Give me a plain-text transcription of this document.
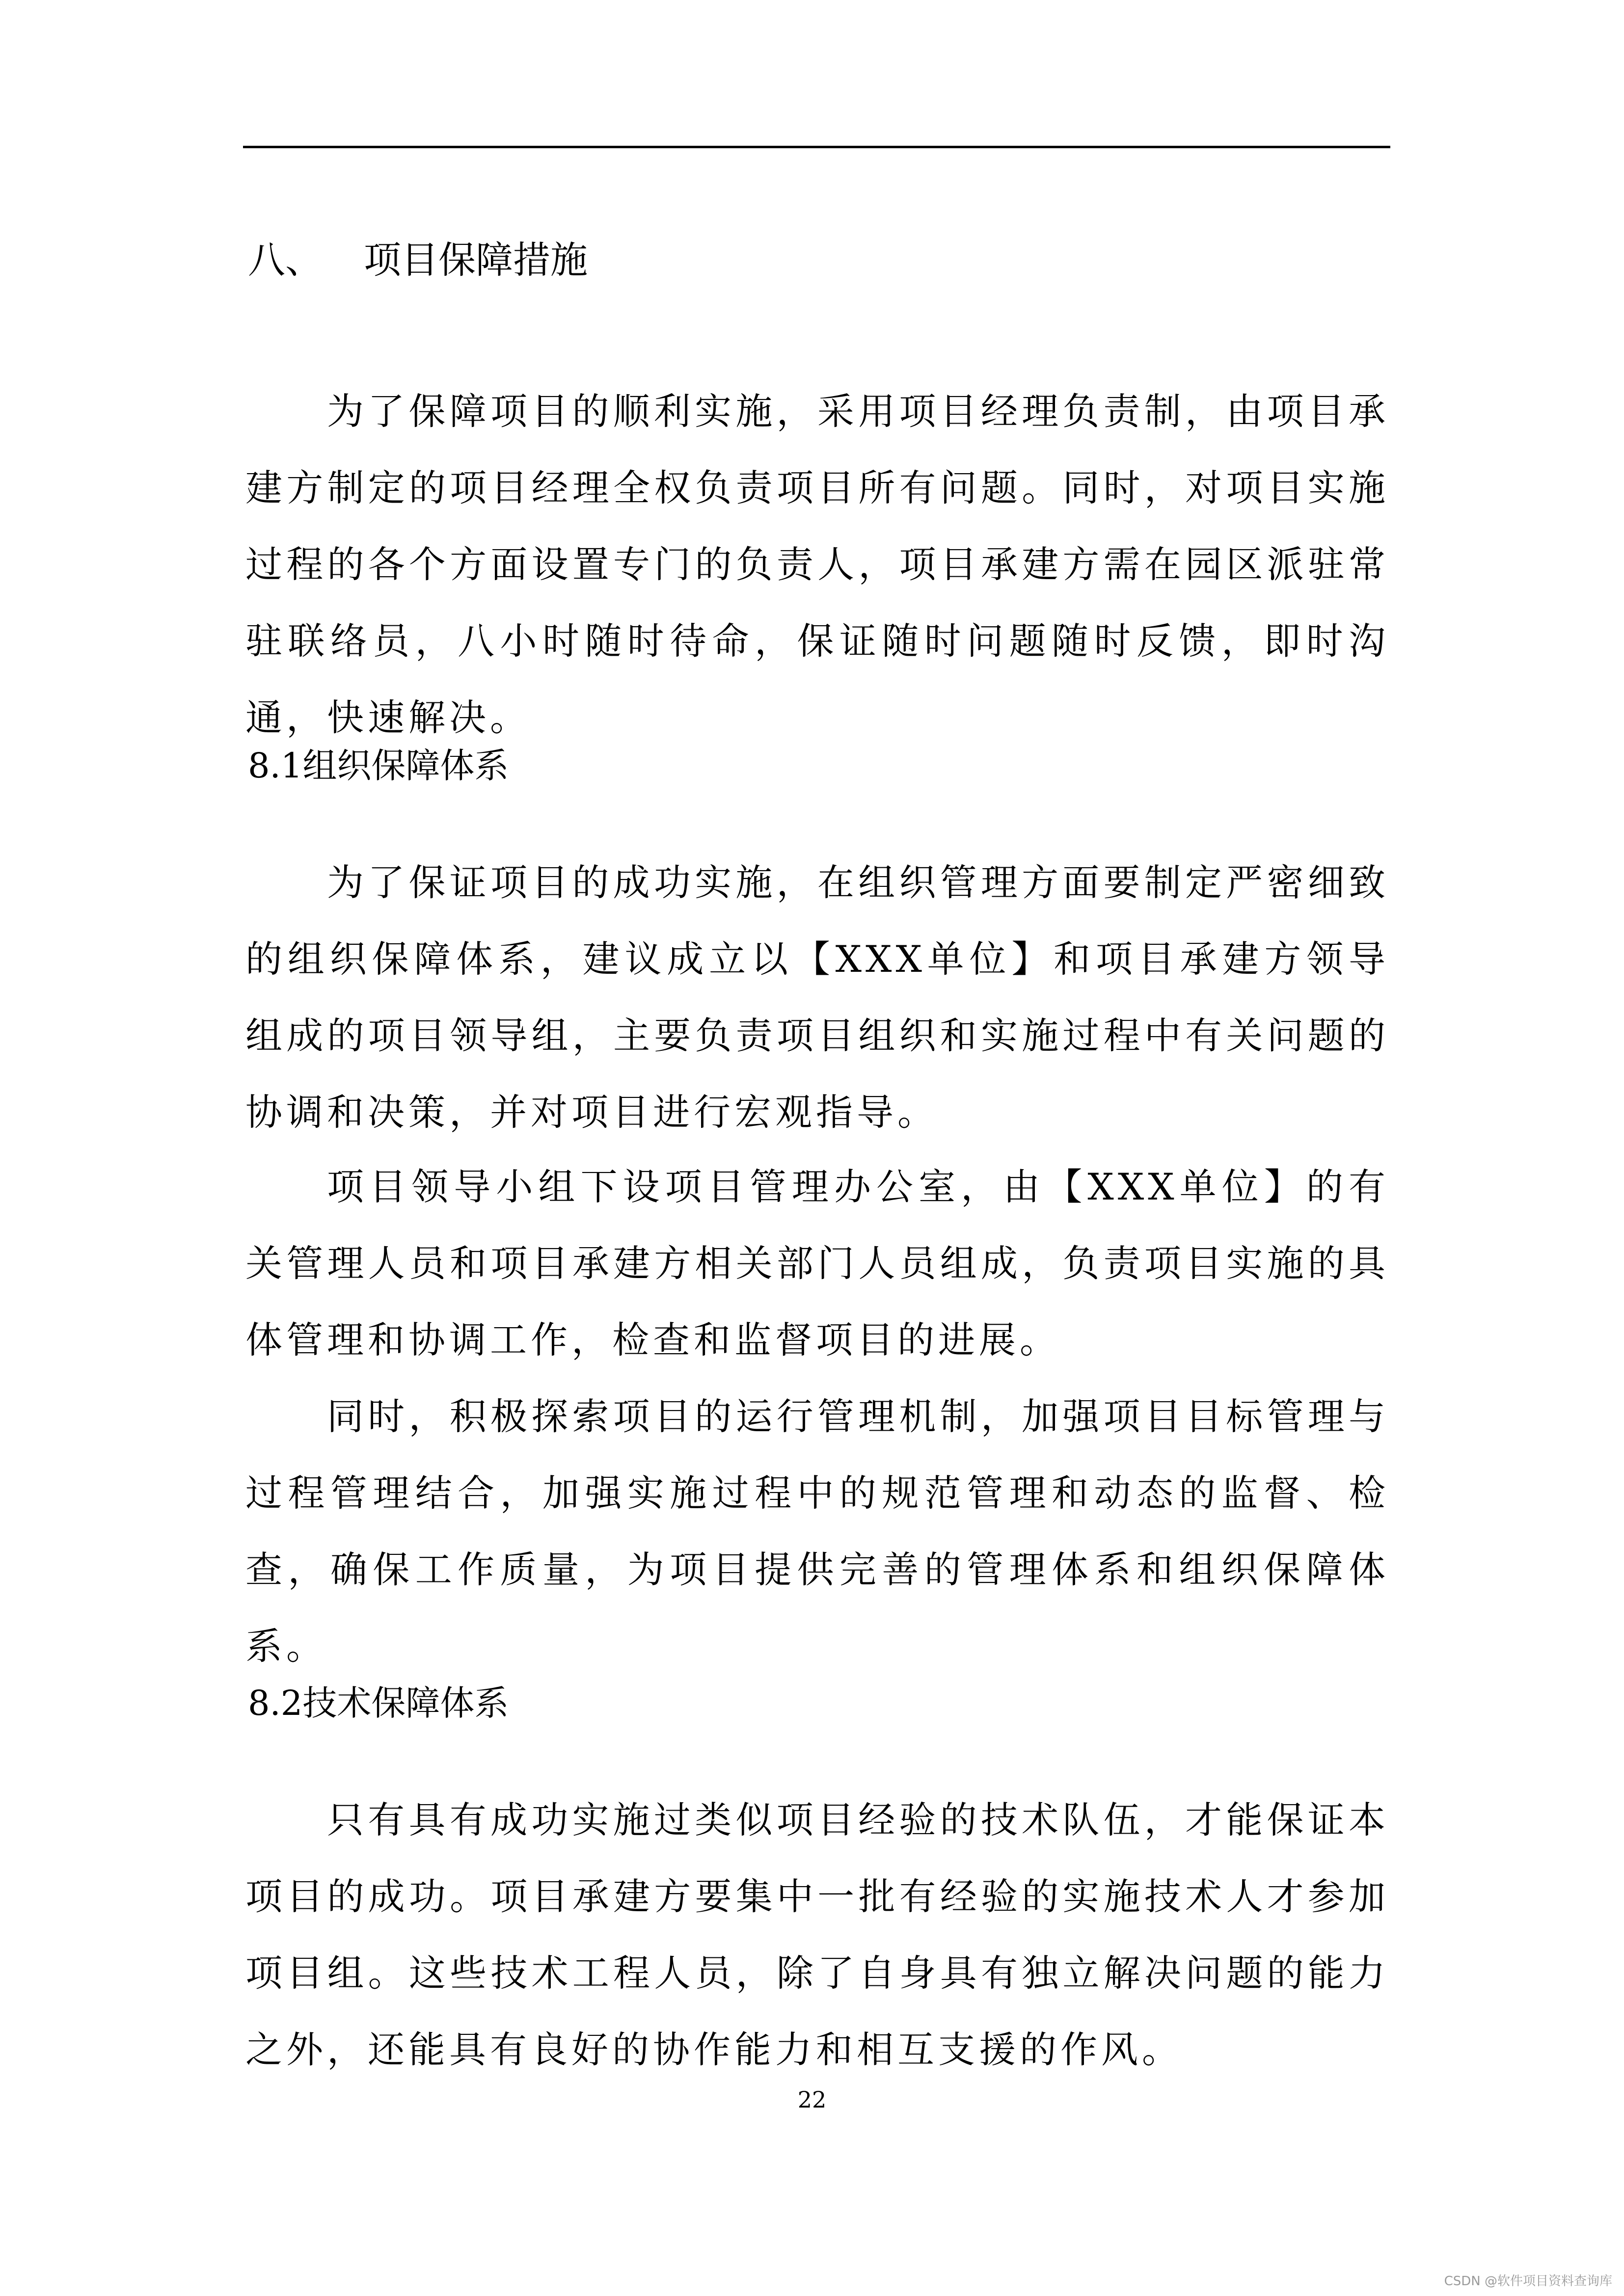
八、 项目保障措施

为了保障项目的顺利实施，采用项目经理负责制，由项目承建方制定的项目经理全权负责项目所有问题。同时，对项目实施过程的各个方面设置专门的负责人，项目承建方需在园区派驻常驻联络员，八小时随时待命，保证随时问题随时反馈，即时沟通，快速解决。

8.1组织保障体系

为了保证项目的成功实施，在组织管理方面要制定严密细致的组织保障体系，建议成立以【XXX单位】和项目承建方领导组成的项目领导组，主要负责项目组织和实施过程中有关问题的协调和决策，并对项目进行宏观指导。

项目领导小组下设项目管理办公室，由【XXX单位】的有关管理人员和项目承建方相关部门人员组成，负责项目实施的具体管理和协调工作，检查和监督项目的进展。

同时，积极探索项目的运行管理机制，加强项目目标管理与过程管理结合，加强实施过程中的规范管理和动态的监督、检查，确保工作质量，为项目提供完善的管理体系和组织保障体系。

8.2技术保障体系

只有具有成功实施过类似项目经验的技术队伍，才能保证本项目的成功。项目承建方要集中一批有经验的实施技术人才参加项目组。这些技术工程人员，除了自身具有独立解决问题的能力之外，还能具有良好的协作能力和相互支援的作风。

22
CSDN @软件项目资料查询库
